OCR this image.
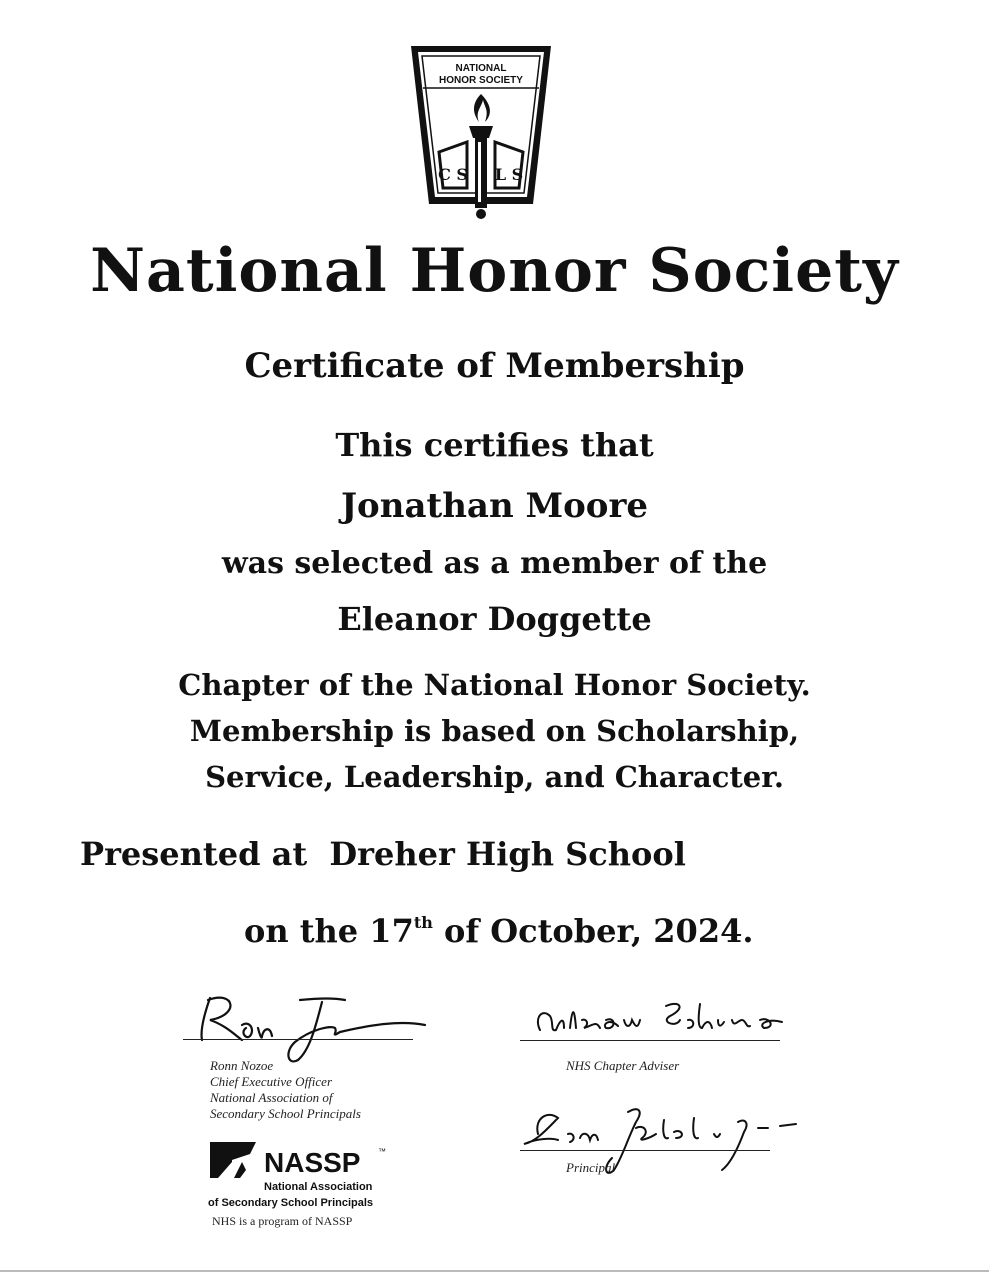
NATIONAL
HONOR SOCIETY
C S L S
National Honor Society
Certificate of Membership
This certifies that
Jonathan Moore
was selected as a member of the
Eleanor Doggette
Chapter of the National Honor Society.
Membership is based on Scholarship,
Service, Leadership, and Character.
Presented at Dreher High School
on the 17th of October, 2024.
Ronn Nozoe
Chief Executive Officer
National Association of
Secondary School Principals
NHS Chapter Adviser
Principal
NASSP ™
National Association
of Secondary School Principals
NHS is a program of NASSP
